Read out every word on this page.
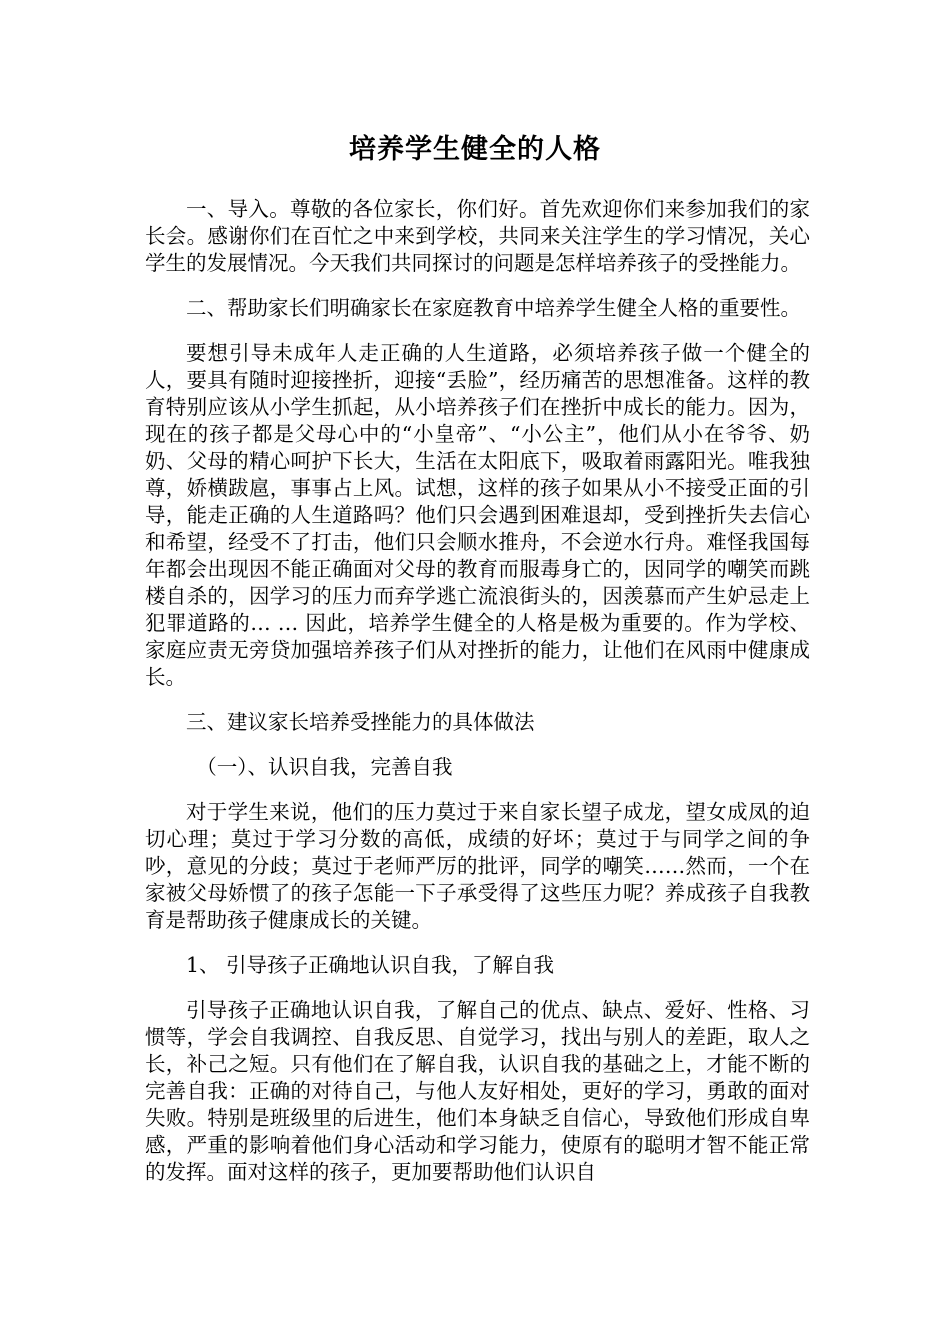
培养学生健全的人格

一、导入。尊敬的各位家长，你们好。首先欢迎你们来参加我们的家长会。感谢你们在百忙之中来到学校，共同来关注学生的学习情况，关心学生的发展情况。今天我们共同探讨的问题是怎样培养孩子的受挫能力。

二、帮助家长们明确家长在家庭教育中培养学生健全人格的重要性。

要想引导未成年人走正确的人生道路，必须培养孩子做一个健全的人，要具有随时迎接挫折，迎接“丢脸”，经历痛苦的思想准备。这样的教育特别应该从小学生抓起，从小培养孩子们在挫折中成长的能力。因为，现在的孩子都是父母心中的“小皇帝”、“小公主”，他们从小在爷爷、奶奶、父母的精心呵护下长大，生活在太阳底下，吸取着雨露阳光。唯我独尊，娇横跋扈，事事占上风。试想，这样的孩子如果从小不接受正面的引导，能走正确的人生道路吗？他们只会遇到困难退却，受到挫折失去信心和希望，经受不了打击，他们只会顺水推舟，不会逆水行舟。难怪我国每年都会出现因不能正确面对父母的教育而服毒身亡的，因同学的嘲笑而跳楼自杀的，因学习的压力而弃学逃亡流浪街头的，因羡慕而产生妒忌走上犯罪道路的… … 因此，培养学生健全的人格是极为重要的。作为学校、家庭应责无旁贷加强培养孩子们从对挫折的能力，让他们在风雨中健康成长。

三、建议家长培养受挫能力的具体做法

（一）、认识自我，完善自我

对于学生来说，他们的压力莫过于来自家长望子成龙，望女成凤的迫切心理；莫过于学习分数的高低，成绩的好坏；莫过于与同学之间的争吵，意见的分歧；莫过于老师严厉的批评，同学的嘲笑……然而，一个在家被父母娇惯了的孩子怎能一下子承受得了这些压力呢？养成孩子自我教育是帮助孩子健康成长的关键。

1、 引导孩子正确地认识自我，了解自我

引导孩子正确地认识自我，了解自己的优点、缺点、爱好、性格、习惯等，学会自我调控、自我反思、自觉学习，找出与别人的差距，取人之长，补己之短。只有他们在了解自我，认识自我的基础之上，才能不断的完善自我：正确的对待自己，与他人友好相处，更好的学习，勇敢的面对失败。特别是班级里的后进生，他们本身缺乏自信心，导致他们形成自卑感，严重的影响着他们身心活动和学习能力，使原有的聪明才智不能正常的发挥。面对这样的孩子，更加要帮助他们认识自
